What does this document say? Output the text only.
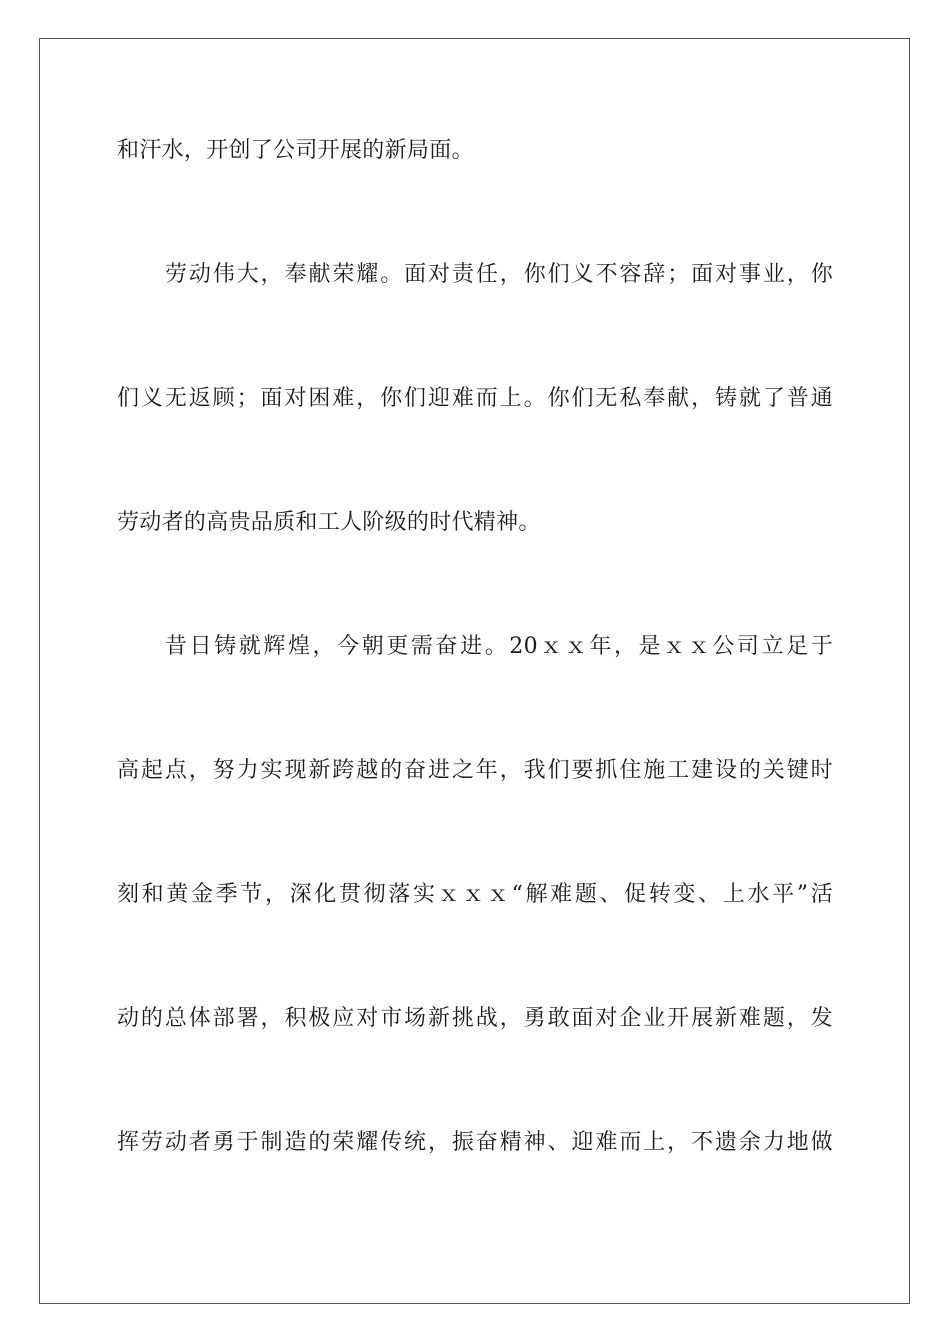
和汗水，开创了公司开展的新局面。
劳动伟大，奉献荣耀。面对责任，你们义不容辞；面对事业，你
们义无返顾；面对困难，你们迎难而上。你们无私奉献，铸就了普通
劳动者的高贵品质和工人阶级的时代精神。
昔日铸就辉煌，今朝更需奋进。20ｘｘ年，是ｘｘ公司立足于
高起点，努力实现新跨越的奋进之年，我们要抓住施工建设的关键时
刻和黄金季节，深化贯彻落实ｘｘｘ“解难题、促转变、上水平”活
动的总体部署，积极应对市场新挑战，勇敢面对企业开展新难题，发
挥劳动者勇于制造的荣耀传统，振奋精神、迎难而上，不遗余力地做
